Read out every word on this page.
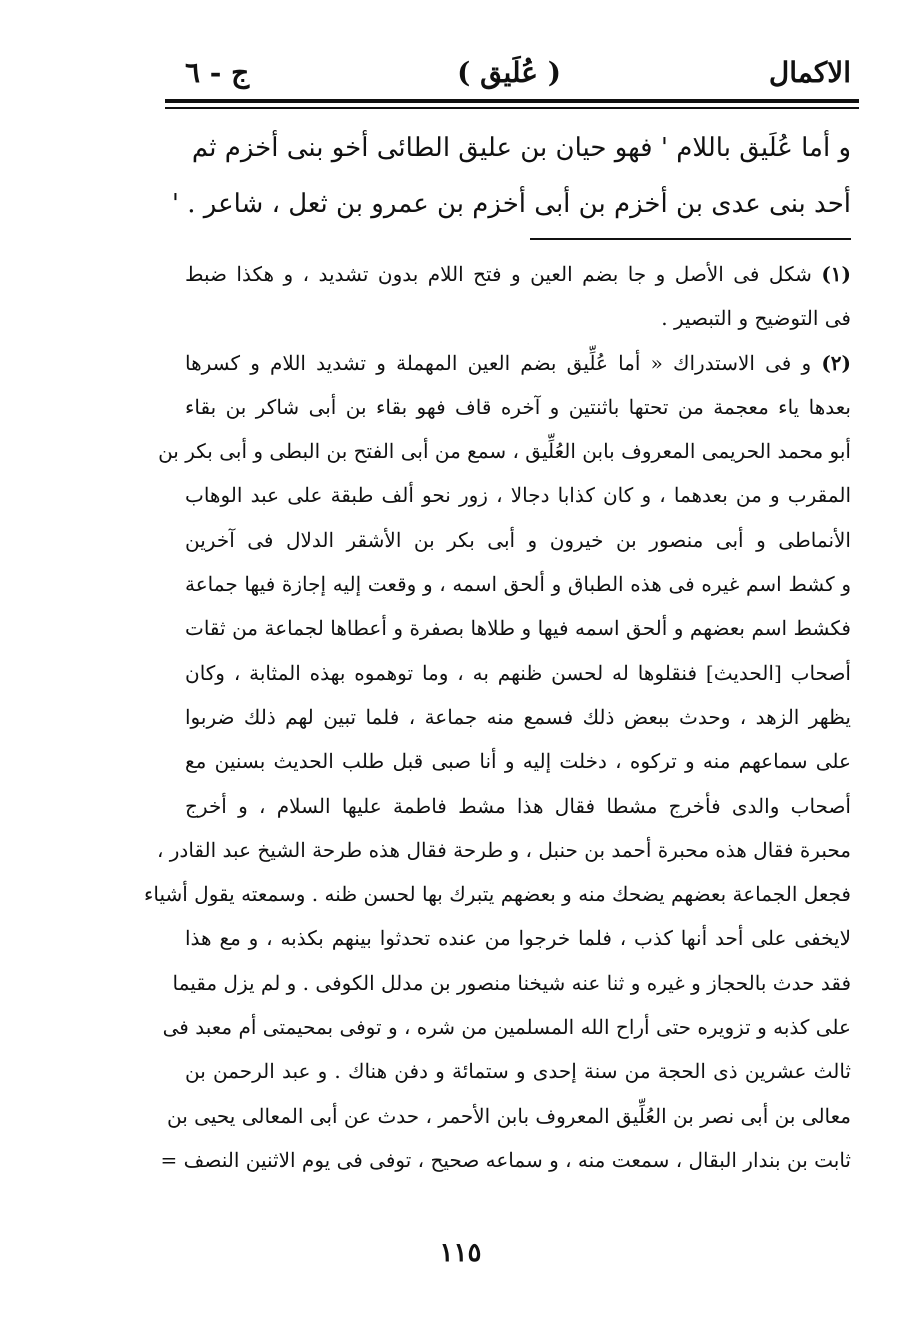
الاكمال
( عُلَيق )
ج - ٦

و أما عُلَيق باللام ' فهو حيان بن عليق الطائى أخو بنى أخزم ثم

أحد بنى عدى بن أخزم بن أبى أخزم بن عمرو بن ثعل ، شاعر . '

(١) شكل فى الأصل و جا بضم العين و فتح اللام بدون تشديد ، و هكذا ضبط

فى التوضيح و التبصير .

(٢) و فى الاستدراك « أما عُلِّيق بضم العين المهملة و تشديد اللام و كسرها

بعدها ياء معجمة من تحتها باثنتين و آخره قاف فهو بقاء بن أبى شاكر بن بقاء

أبو محمد الحريمى المعروف بابن العُلِّيق ، سمع من أبى الفتح بن البطى و أبى بكر بن

المقرب و من بعدهما ، و كان كذابا دجالا ، زور نحو ألف طبقة على عبد الوهاب

الأنماطى و أبى منصور بن خيرون و أبى بكر بن الأشقر الدلال فى آخرين

و كشط اسم غيره فى هذه الطباق و ألحق اسمه ، و وقعت إليه إجازة فيها جماعة

فكشط اسم بعضهم و ألحق اسمه فيها و طلاها بصفرة و أعطاها لجماعة من ثقات

أصحاب [الحديث] فنقلوها له لحسن ظنهم به ، وما توهموه بهذه المثابة ، وكان

يظهر الزهد ، وحدث ببعض ذلك فسمع منه جماعة ، فلما تبين لهم ذلك ضربوا

على سماعهم منه و تركوه ، دخلت إليه و أنا صبى قبل طلب الحديث بسنين مع

أصحاب والدى فأخرج مشطا فقال هذا مشط فاطمة عليها السلام ، و أخرج

محبرة فقال هذه محبرة أحمد بن حنبل ، و طرحة فقال هذه طرحة الشيخ عبد القادر ،

فجعل الجماعة بعضهم يضحك منه و بعضهم يتبرك بها لحسن ظنه . وسمعته يقول أشياء

لايخفى على أحد أنها كذب ، فلما خرجوا من عنده تحدثوا بينهم بكذبه ، و مع هذا

فقد حدث بالحجاز و غيره و ثنا عنه شيخنا منصور بن مدلل الكوفى . و لم يزل مقيما

على كذبه و تزويره حتى أراح الله المسلمين من شره ، و توفى بمحيمتى أم معبد فى

ثالث عشرين ذى الحجة من سنة إحدى و ستمائة و دفن هناك . و عبد الرحمن بن

معالى بن أبى نصر بن العُلِّيق المعروف بابن الأحمر ، حدث عن أبى المعالى يحيى بن

ثابت بن بندار البقال ، سمعت منه ، و سماعه صحيح ، توفى فى يوم الاثنين النصف =

١١٥
